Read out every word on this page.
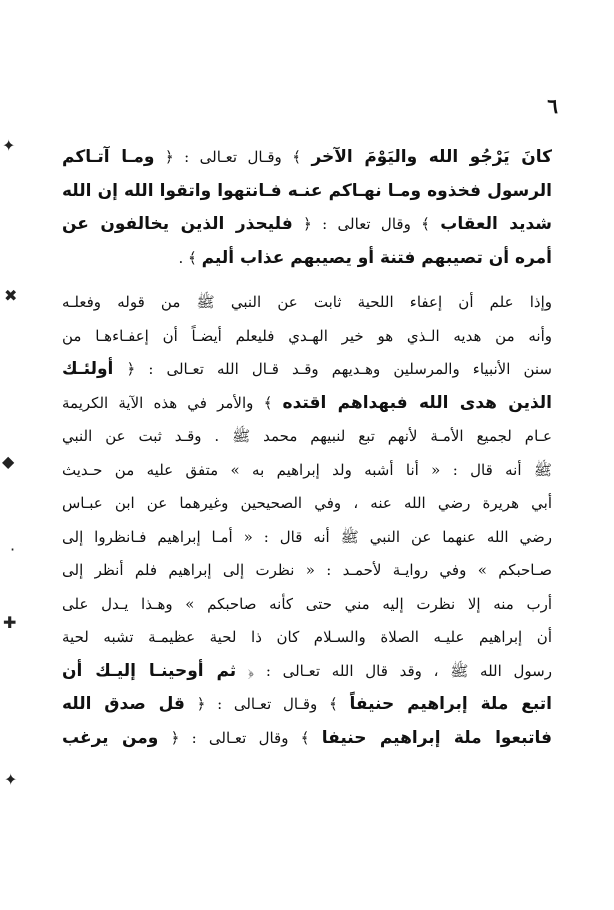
٦
كانَ يَرْجُو الله واليَوْمَ الآخر ﴾ وقـال تعـالى : ﴿ ومـا آتـاكم
الرسول فخذوه ومـا نهـاكم عنـه فـانتهوا واتقوا الله إن الله
شديد العقاب ﴾ وقال تعالى : ﴿ فليحذر الذين يخالفون عن
أمره أن تصيبهم فتنة أو يصيبهم عذاب أليم ﴾ .
وإذا علم أن إعفاء اللحية ثابت عن النبي ﷺ من قوله وفعلـه
وأنه من هديه الـذي هو خير الهـدي فليعلم أيضـاً أن إعفـاءهـا من
سنن الأنبياء والمرسلين وهـديهم وقـد قـال الله تعـالى : ﴿ أولئـك
الذين هدى الله فبهداهم اقتده ﴾ والأمر في هذه الآية الكريمة
عـام لجميع الأمـة لأنهم تبع لنبيهم محمد ﷺ . وقـد ثبت عن النبي
ﷺ أنه قال : « أنا أشبه ولد إبراهيم به » متفق عليه من حـديث
أبي هريرة رضي الله عنه ، وفي الصحيحين وغيرهما عن ابن عبـاس
رضي الله عنهما عن النبي ﷺ أنه قال : « أمـا إبراهيم فـانظروا إلى
صـاحبكم » وفي روايـة لأحمـد : « نظرت إلى إبراهيم فلم أنظر إلى
أرب منه إلا نظرت إليه مني حتى كأنه صاحبكم » وهـذا يـدل على
أن إبراهيم عليـه الصلاة والسـلام كان ذا لحية عظيمـة تشبه لحية
رسول الله ﷺ ، وقد قال الله تعـالى : ﴿ ثم أوحينـا إليـك أن
اتبع ملة إبراهيم حنيفاً ﴾ وقـال تعـالى : ﴿ قل صدق الله
فاتبعوا ملة إبراهيم حنيفا ﴾ وقال تعـالى : ﴿ ومن يرغب
✦
✖
◆
·
✚
✦
